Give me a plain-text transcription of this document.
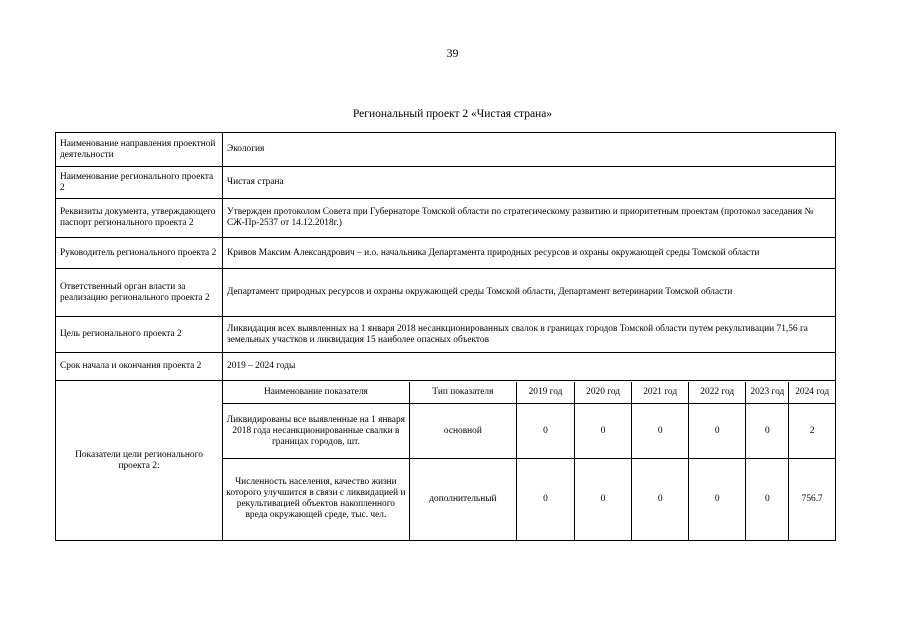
39
Региональный проект 2 «Чистая страна»
Наименование направления проектной деятельности	Экология
Наименование регионального проекта 2	Чистая страна
Реквизиты документа, утверждающего паспорт регионального проекта 2	Утвержден протоколом Совета при Губернаторе Томской области по стратегическому развитию и приоритетным проектам (протокол заседания № СЖ-Пр-2537 от 14.12.2018г.)
Руководитель регионального проекта 2	Кривов Максим Александрович – и.о. начальника Департамента природных ресурсов и охраны окружающей среды Томской области
Ответственный орган власти за реализацию регионального проекта 2	Департамент природных ресурсов и охраны окружающей среды Томской области, Департамент ветеринарии Томской области
Цель регионального проекта 2	Ликвидация всех выявленных на 1 января 2018 несанкционированных свалок в границах городов Томской области путем рекультивации 71,56 га земельных участков и ликвидация 15 наиболее опасных объектов
Срок начала и окончания проекта 2	2019 – 2024 годы
Показатели цели регионального проекта 2:	
Наименование показателя	Тип показателя	2019 год	2020 год	2021 год	2022 год	2023 год	2024 год
Ликвидированы все выявленные на 1 января 2018 года несанкционированные свалки в границах городов, шт.	основной	0	0	0	0	0	2
Численность населения, качество жизни которого улучшится в связи с ликвидацией и рекультивацией объектов накопленного вреда окружающей среде, тыс. чел.	дополнительный	0	0	0	0	0	756.7
